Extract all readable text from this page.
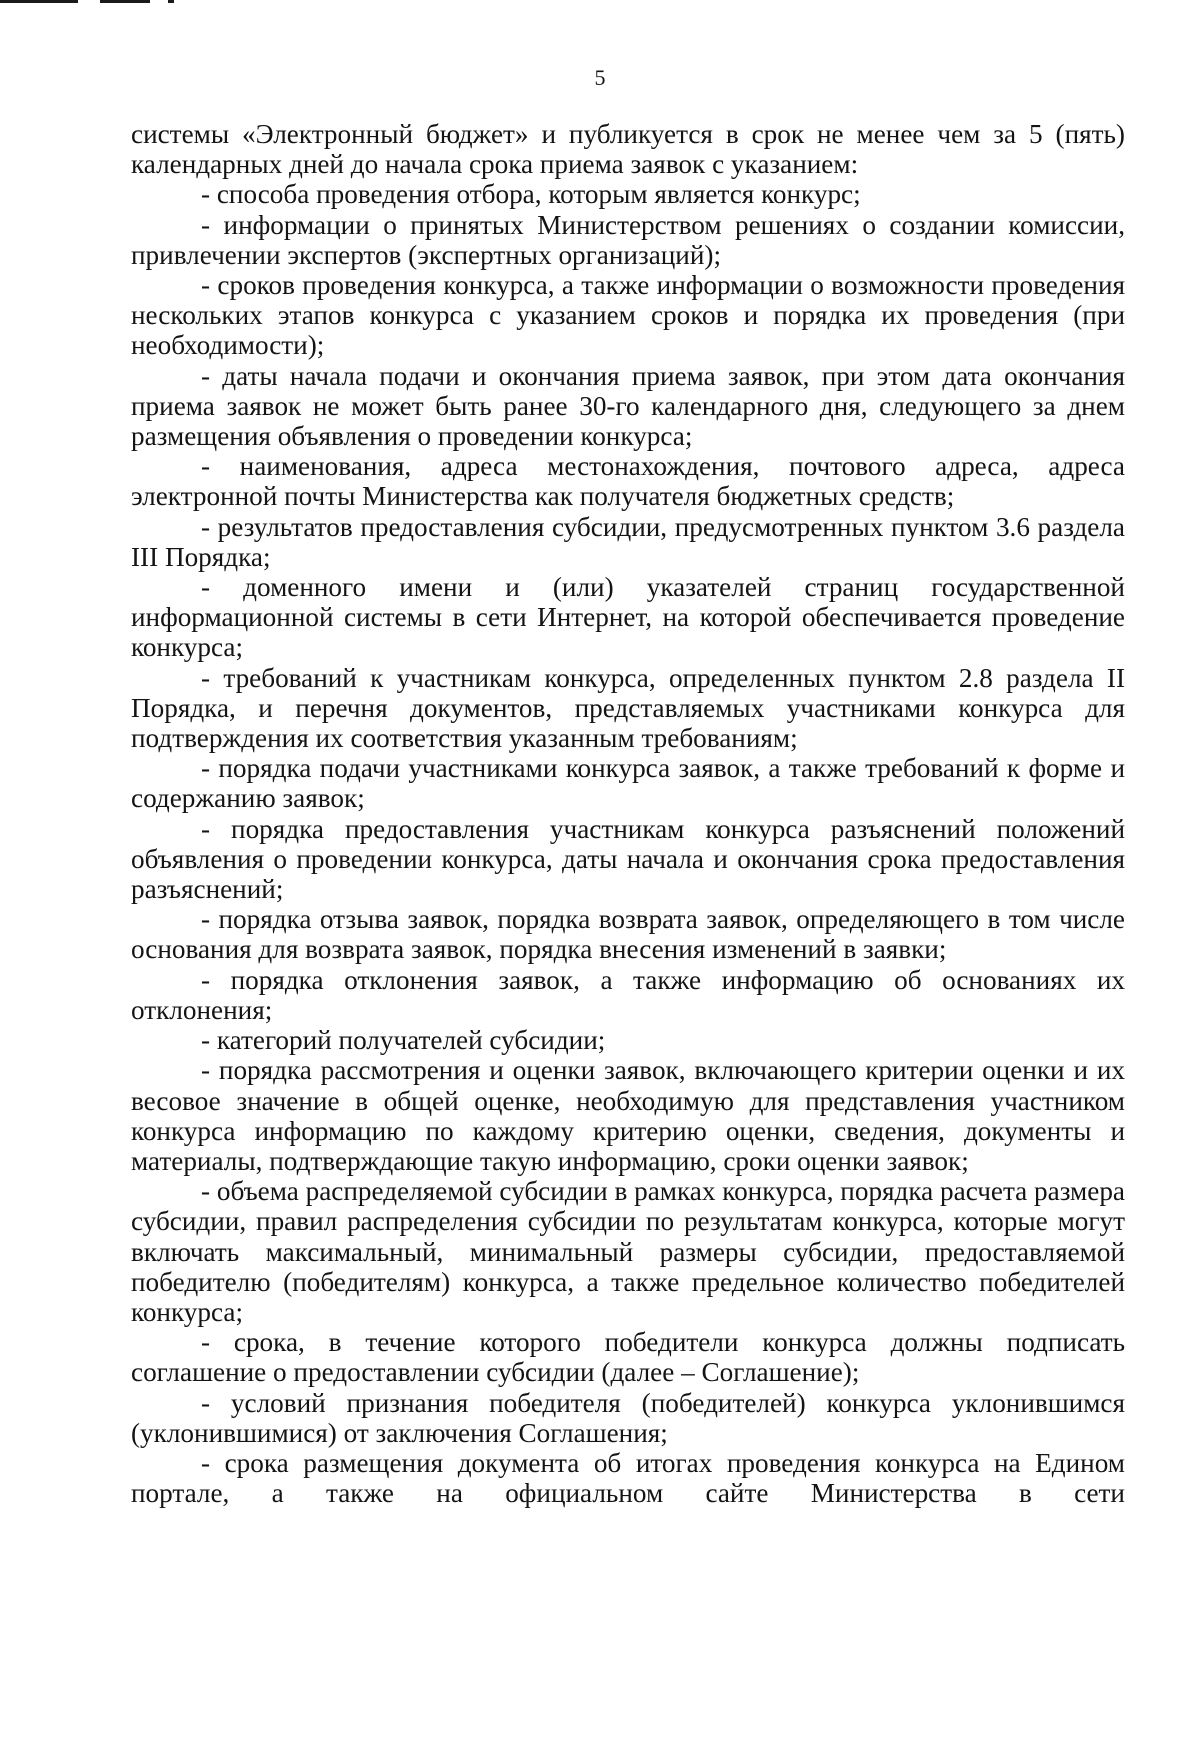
5

системы «Электронный бюджет» и публикуется в срок не менее чем за 5 (пять) календарных дней до начала срока приема заявок с указанием:

- способа проведения отбора, которым является конкурс;

- информации о принятых Министерством решениях о создании комиссии, привлечении экспертов (экспертных организаций);

- сроков проведения конкурса, а также информации о возможности проведения нескольких этапов конкурса с указанием сроков и порядка их проведения (при необходимости);

- даты начала подачи и окончания приема заявок, при этом дата окончания приема заявок не может быть ранее 30-го календарного дня, следующего за днем размещения объявления о проведении конкурса;

- наименования, адреса местонахождения, почтового адреса, адреса электронной почты Министерства как получателя бюджетных средств;

- результатов предоставления субсидии, предусмотренных пунктом 3.6 раздела III Порядка;

- доменного имени и (или) указателей страниц государственной информационной системы в сети Интернет, на которой обеспечивается проведение конкурса;

- требований к участникам конкурса, определенных пунктом 2.8 раздела II Порядка, и перечня документов, представляемых участниками конкурса для подтверждения их соответствия указанным требованиям;

- порядка подачи участниками конкурса заявок, а также требований к форме и содержанию заявок;

- порядка предоставления участникам конкурса разъяснений положений объявления о проведении конкурса, даты начала и окончания срока предоставления разъяснений;

- порядка отзыва заявок, порядка возврата заявок, определяющего в том числе основания для возврата заявок, порядка внесения изменений в заявки;

- порядка отклонения заявок, а также информацию об основаниях их отклонения;

- категорий получателей субсидии;

- порядка рассмотрения и оценки заявок, включающего критерии оценки и их весовое значение в общей оценке, необходимую для представления участником конкурса информацию по каждому критерию оценки, сведения, документы и материалы, подтверждающие такую информацию, сроки оценки заявок;

- объема распределяемой субсидии в рамках конкурса, порядка расчета размера субсидии, правил распределения субсидии по результатам конкурса, которые могут включать максимальный, минимальный размеры субсидии, предоставляемой победителю (победителям) конкурса, а также предельное количество победителей конкурса;

- срока, в течение которого победители конкурса должны подписать соглашение о предоставлении субсидии (далее – Соглашение);

- условий признания победителя (победителей) конкурса уклонившимся (уклонившимися) от заключения Соглашения;

- срока размещения документа об итогах проведения конкурса на Едином портале, а также на официальном сайте Министерства в сети
